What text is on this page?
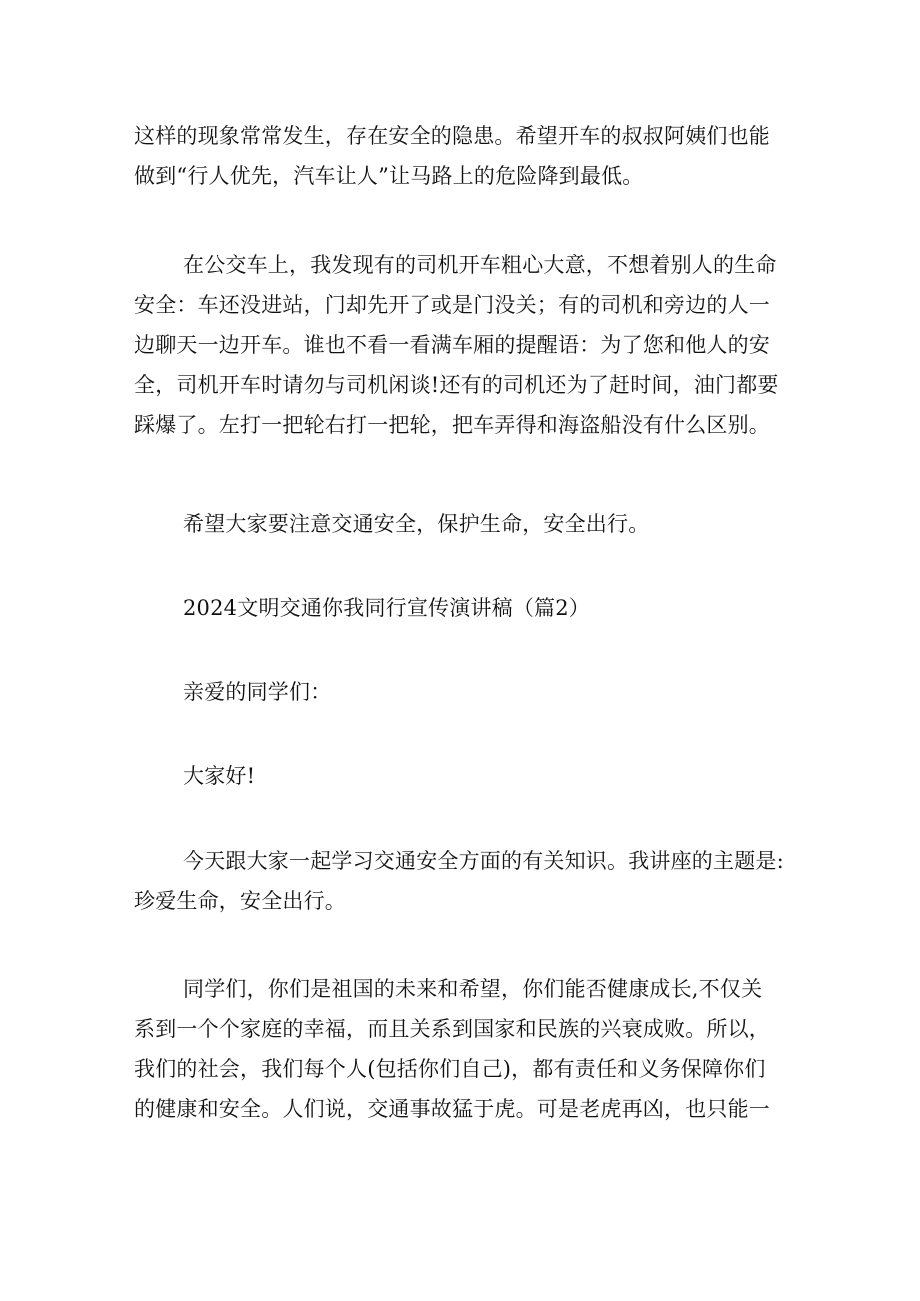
这样的现象常常发生，存在安全的隐患。希望开车的叔叔阿姨们也能
做到“行人优先，汽车让人”让马路上的危险降到最低。

在公交车上，我发现有的司机开车粗心大意，不想着别人的生命
安全：车还没进站，门却先开了或是门没关；有的司机和旁边的人一
边聊天一边开车。谁也不看一看满车厢的提醒语：为了您和他人的安
全，司机开车时请勿与司机闲谈!还有的司机还为了赶时间，油门都要
踩爆了。左打一把轮右打一把轮，把车弄得和海盗船没有什么区别。

希望大家要注意交通安全，保护生命，安全出行。

2024文明交通你我同行宣传演讲稿（篇2）

亲爱的同学们：

大家好!

今天跟大家一起学习交通安全方面的有关知识。我讲座的主题是:
珍爱生命，安全出行。

同学们，你们是祖国的未来和希望，你们能否健康成长,不仅关
系到一个个家庭的幸福，而且关系到国家和民族的兴衰成败。所以，
我们的社会，我们每个人(包括你们自己)，都有责任和义务保障你们
的健康和安全。人们说，交通事故猛于虎。可是老虎再凶，也只能一
